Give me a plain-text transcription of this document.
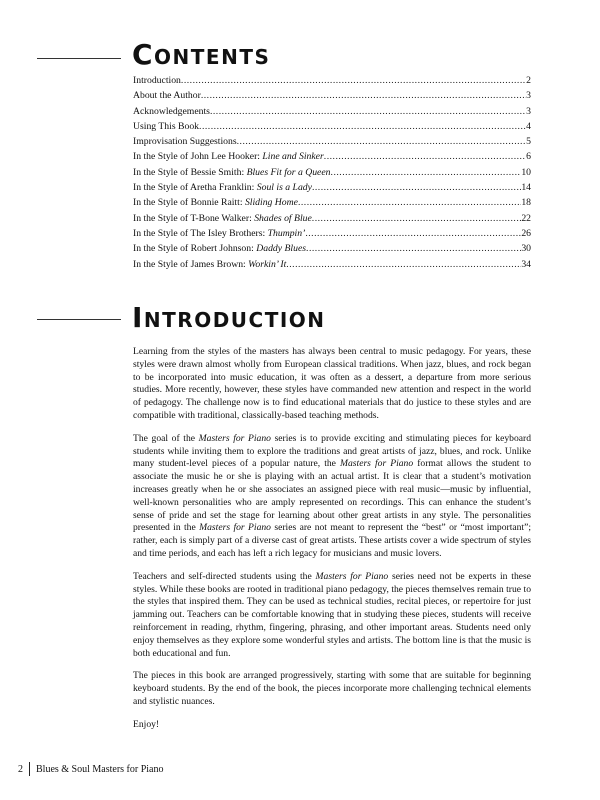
Contents
Introduction .....	2
About the Author .....	3
Acknowledgements .....	3
Using This Book .....	4
Improvisation Suggestions .....	5
In the Style of John Lee Hooker: Line and Sinker .....	6
In the Style of Bessie Smith: Blues Fit for a Queen .....	10
In the Style of Aretha Franklin: Soul is a Lady .....	14
In the Style of Bonnie Raitt: Sliding Home .....	18
In the Style of T-Bone Walker: Shades of Blue .....	22
In the Style of The Isley Brothers: Thumpin’ .....	26
In the Style of Robert Johnson: Daddy Blues .....	30
In the Style of James Brown: Workin’ It .....	34
Introduction

Learning from the styles of the masters has always been central to music pedagogy. For years, these styles were drawn almost wholly from European classical traditions. When jazz, blues, and rock began to be incorporated into music education, it was often as a dessert, a departure from more serious studies. More recently, however, these styles have commanded new attention and respect in the world of pedagogy. The challenge now is to find educational materials that do justice to these styles and are compatible with traditional, classically-based teaching methods.

The goal of the Masters for Piano series is to provide exciting and stimulating pieces for keyboard students while inviting them to explore the traditions and great artists of jazz, blues, and rock. Unlike many student-level pieces of a popular nature, the Masters for Piano format allows the student to associate the music he or she is playing with an actual artist. It is clear that a student’s motivation increases greatly when he or she associates an assigned piece with real music—music by influential, well-known personalities who are amply represented on recordings. This can enhance the student’s sense of pride and set the stage for learning about other great artists in any style. The personalities presented in the Masters for Piano series are not meant to represent the “best” or “most important”; rather, each is simply part of a diverse cast of great artists. These artists cover a wide spectrum of styles and time periods, and each has left a rich legacy for musicians and music lovers.

Teachers and self-directed students using the Masters for Piano series need not be experts in these styles. While these books are rooted in traditional piano pedagogy, the pieces themselves remain true to the styles that inspired them. They can be used as technical studies, recital pieces, or repertoire for just jamming out. Teachers can be comfortable knowing that in studying these pieces, students will receive reinforcement in reading, rhythm, fingering, phrasing, and other important areas. Students need only enjoy themselves as they explore some wonderful styles and artists. The bottom line is that the music is both educational and fun.

The pieces in this book are arranged progressively, starting with some that are suitable for beginning keyboard students. By the end of the book, the pieces incorporate more challenging technical elements and stylistic nuances.

Enjoy!

2 Blues & Soul Masters for Piano
